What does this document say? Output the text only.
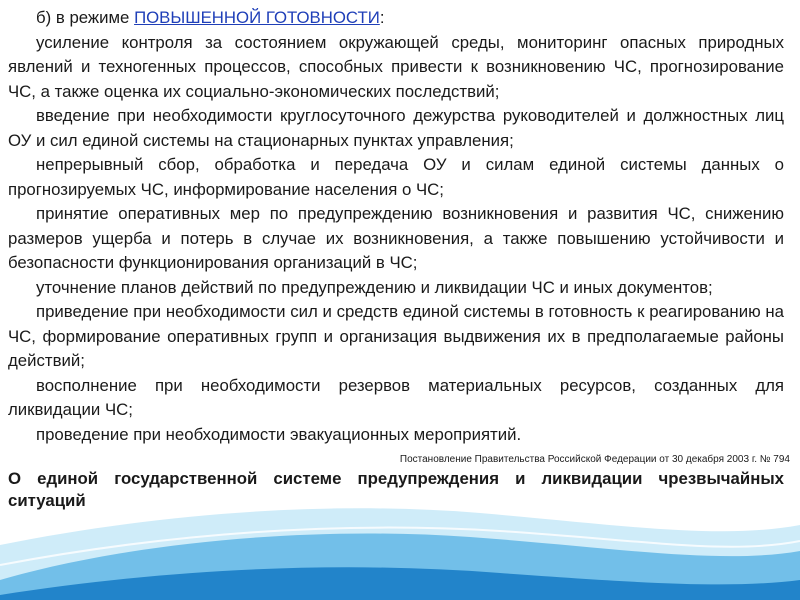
б) в режиме ПОВЫШЕННОЙ ГОТОВНОСТИ:

усиление контроля за состоянием окружающей среды, мониторинг опасных природных явлений и техногенных процессов, способных привести к возникновению ЧС, прогнозирование ЧС, а также оценка их социально-экономических последствий;

введение при необходимости круглосуточного дежурства руководителей и должностных лиц ОУ и сил единой системы на стационарных пунктах управления;

непрерывный сбор, обработка и передача ОУ и силам единой системы данных о прогнозируемых ЧС, информирование населения о ЧС;

принятие оперативных мер по предупреждению возникновения и развития ЧС, снижению размеров ущерба и потерь в случае их возникновения, а также повышению устойчивости и безопасности функционирования организаций в ЧС;

уточнение планов действий по предупреждению и ликвидации ЧС и иных документов;

приведение при необходимости сил и средств единой системы в готовность к реагированию на ЧС, формирование оперативных групп и организация выдвижения их в предполагаемые районы действий;

восполнение при необходимости резервов материальных ресурсов, созданных для ликвидации ЧС;

проведение при необходимости эвакуационных мероприятий.

Постановление Правительства Российской Федерации от 30 декабря 2003 г. № 794

О единой государственной системе предупреждения и ликвидации чрезвычайных ситуаций
